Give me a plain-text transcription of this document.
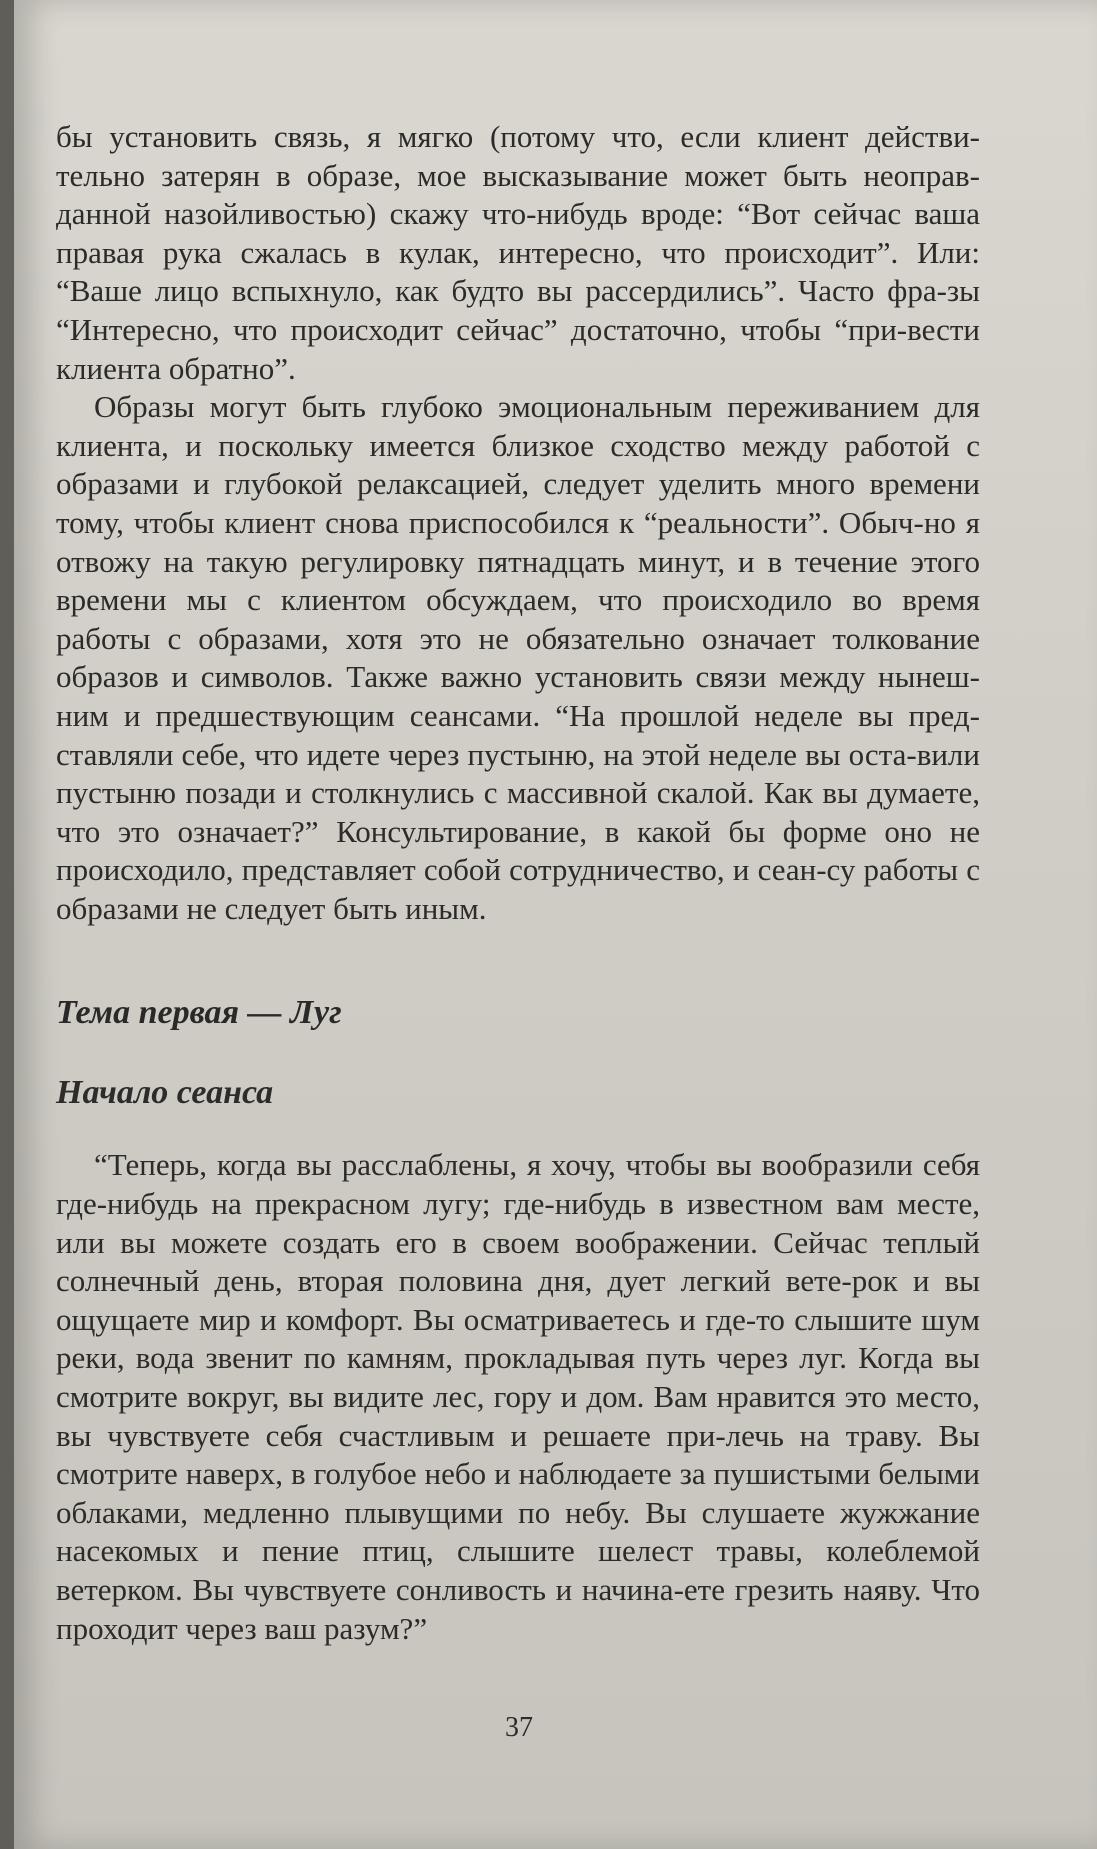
бы установить связь, я мягко (потому что, если клиент действи-тельно затерян в образе, мое высказывание может быть неоправ-данной назойливостью) скажу что-нибудь вроде: “Вот сейчас ваша правая рука сжалась в кулак, интересно, что происходит”. Или: “Ваше лицо вспыхнуло, как будто вы рассердились”. Часто фра-зы “Интересно, что происходит сейчас” достаточно, чтобы “при-вести клиента обратно”.

Образы могут быть глубоко эмоциональным переживанием для клиента, и поскольку имеется близкое сходство между работой с образами и глубокой релаксацией, следует уделить много времени тому, чтобы клиент снова приспособился к “реальности”. Обыч-но я отвожу на такую регулировку пятнадцать минут, и в течение этого времени мы с клиентом обсуждаем, что происходило во время работы с образами, хотя это не обязательно означает толкование образов и символов. Также важно установить связи между нынеш-ним и предшествующим сеансами. “На прошлой неделе вы пред-ставляли себе, что идете через пустыню, на этой неделе вы оста-вили пустыню позади и столкнулись с массивной скалой. Как вы думаете, что это означает?” Консультирование, в какой бы форме оно не происходило, представляет собой сотрудничество, и сеан-су работы с образами не следует быть иным.

Тема первая — Луг
Начало сеанса

“Теперь, когда вы расслаблены, я хочу, чтобы вы вообразили себя где-нибудь на прекрасном лугу; где-нибудь в известном вам месте, или вы можете создать его в своем воображении. Сейчас теплый солнечный день, вторая половина дня, дует легкий вете-рок и вы ощущаете мир и комфорт. Вы осматриваетесь и где-то слышите шум реки, вода звенит по камням, прокладывая путь через луг. Когда вы смотрите вокруг, вы видите лес, гору и дом. Вам нравится это место, вы чувствуете себя счастливым и решаете при-лечь на траву. Вы смотрите наверх, в голубое небо и наблюдаете за пушистыми белыми облаками, медленно плывущими по небу. Вы слушаете жужжание насекомых и пение птиц, слышите шелест травы, колеблемой ветерком. Вы чувствуете сонливость и начина-ете грезить наяву. Что проходит через ваш разум?”

37
